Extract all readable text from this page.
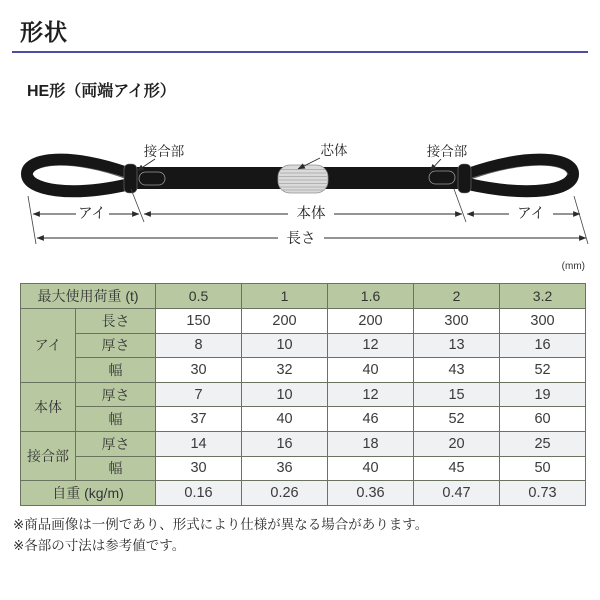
形状
HE形（両端アイ形）
接合部	芯体	接合部
アイ	本体	アイ
長さ
(mm)
最大使用荷重 (t)		0.5	1	1.6	2	3.2
アイ	長さ	150	200	200	300	300
	厚さ	8	10	12	13	16
	幅	30	32	40	43	52
本体	厚さ	7	10	12	15	19
	幅	37	40	46	52	60
接合部	厚さ	14	16	18	20	25
	幅	30	36	40	45	50
自重 (kg/m)		0.16	0.26	0.36	0.47	0.73
※商品画像は一例であり、形式により仕様が異なる場合があります。
※各部の寸法は参考値です。
